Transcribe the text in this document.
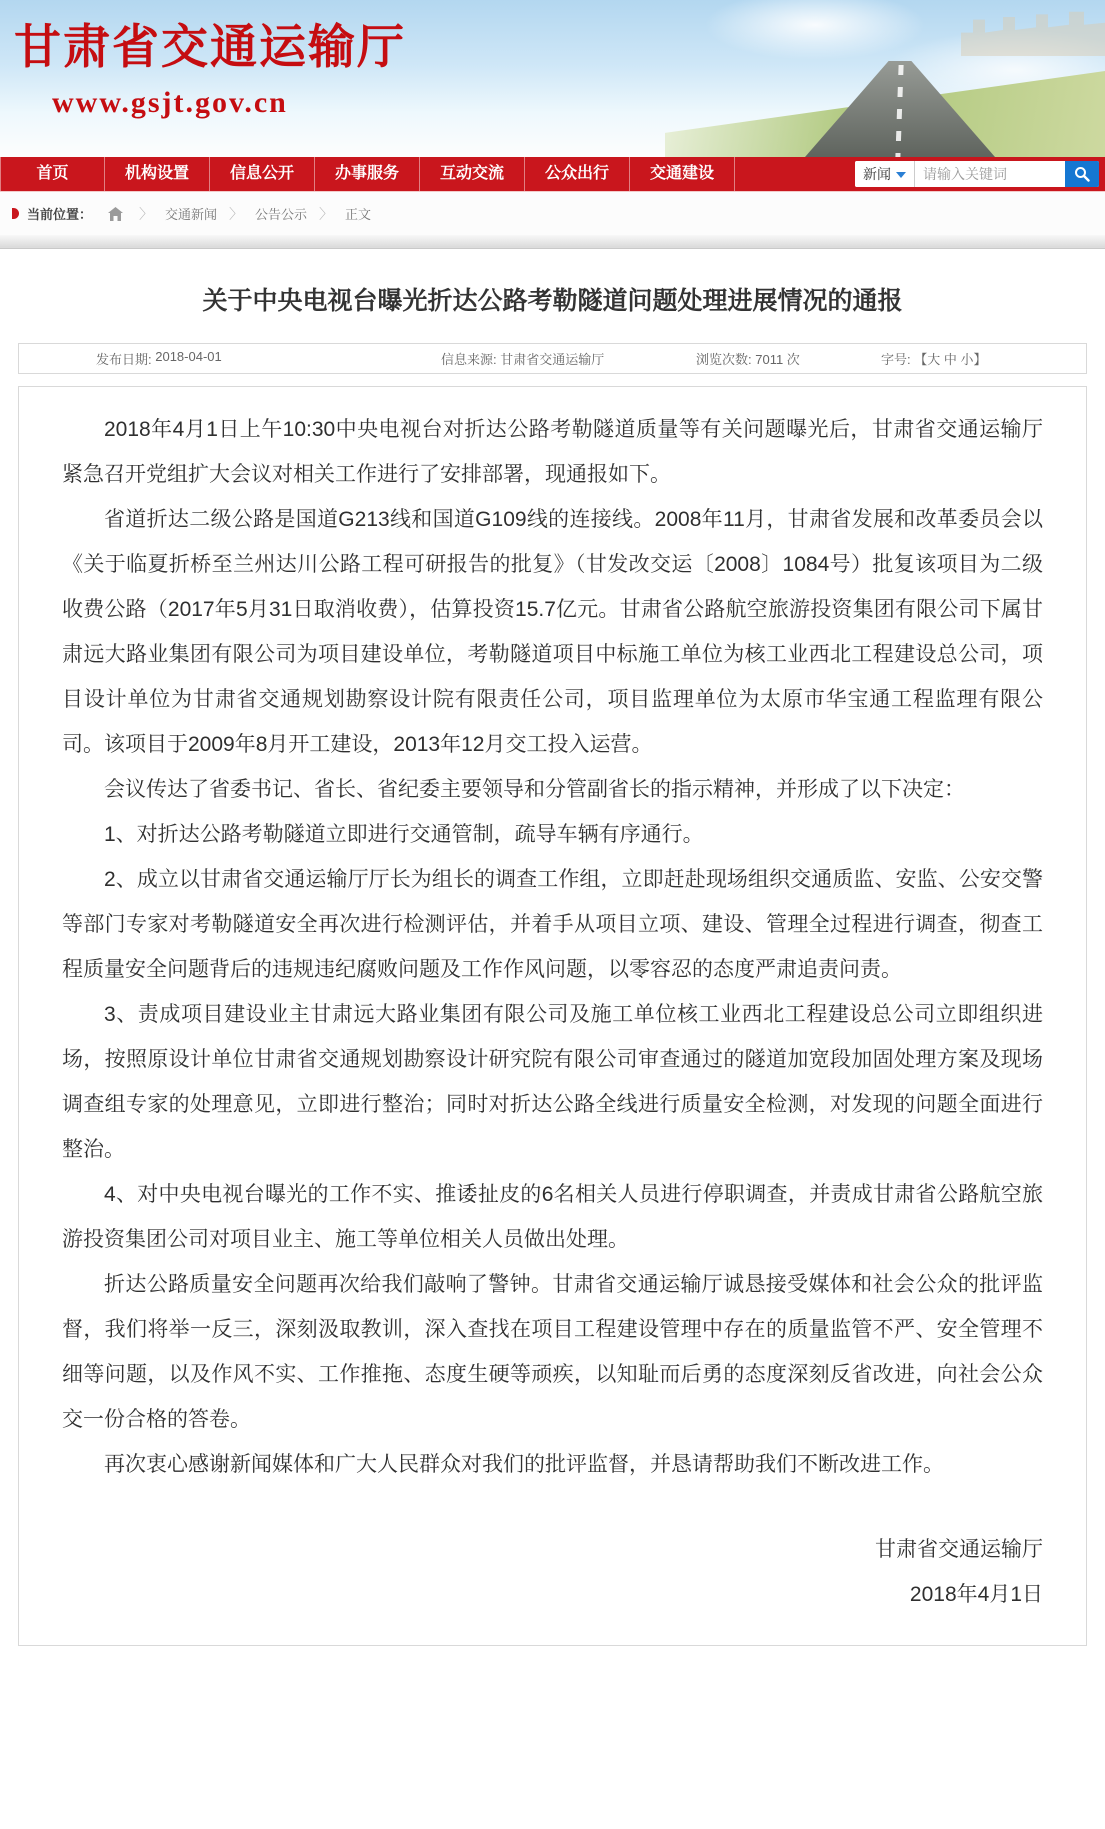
甘肃省交通运输厅
www.gsjt.gov.cn
首页	机构设置	信息公开	办事服务	互动交流	公众出行	交通建设	新闻
请输入关键词
当前位置：	〉 交通新闻 〉 公告公示 〉 正文
关于中央电视台曝光折达公路考勒隧道问题处理进展情况的通报
发布日期: 2018-04-01	信息来源: 甘肃省交通运输厅	浏览次数: 7011 次	字号: 【大 中 小】

2018年4月1日上午10:30中央电视台对折达公路考勒隧道质量等有关问题曝光后，甘肃省交通运输厅紧急召开党组扩大会议对相关工作进行了安排部署，现通报如下。

省道折达二级公路是国道G213线和国道G109线的连接线。2008年11月，甘肃省发展和改革委员会以《关于临夏折桥至兰州达川公路工程可研报告的批复》（甘发改交运〔2008〕1084号）批复该项目为二级收费公路（2017年5月31日取消收费），估算投资15.7亿元。甘肃省公路航空旅游投资集团有限公司下属甘肃远大路业集团有限公司为项目建设单位，考勒隧道项目中标施工单位为核工业西北工程建设总公司，项目设计单位为甘肃省交通规划勘察设计院有限责任公司，项目监理单位为太原市华宝通工程监理有限公司。该项目于2009年8月开工建设，2013年12月交工投入运营。

会议传达了省委书记、省长、省纪委主要领导和分管副省长的指示精神，并形成了以下决定：

1、对折达公路考勒隧道立即进行交通管制，疏导车辆有序通行。

2、成立以甘肃省交通运输厅厅长为组长的调查工作组，立即赶赴现场组织交通质监、安监、公安交警等部门专家对考勒隧道安全再次进行检测评估，并着手从项目立项、建设、管理全过程进行调查，彻查工程质量安全问题背后的违规违纪腐败问题及工作作风问题，以零容忍的态度严肃追责问责。

3、责成项目建设业主甘肃远大路业集团有限公司及施工单位核工业西北工程建设总公司立即组织进场，按照原设计单位甘肃省交通规划勘察设计研究院有限公司审查通过的隧道加宽段加固处理方案及现场调查组专家的处理意见，立即进行整治；同时对折达公路全线进行质量安全检测，对发现的问题全面进行整治。

4、对中央电视台曝光的工作不实、推诿扯皮的6名相关人员进行停职调查，并责成甘肃省公路航空旅游投资集团公司对项目业主、施工等单位相关人员做出处理。

折达公路质量安全问题再次给我们敲响了警钟。甘肃省交通运输厅诚恳接受媒体和社会公众的批评监督，我们将举一反三，深刻汲取教训，深入查找在项目工程建设管理中存在的质量监管不严、安全管理不细等问题，以及作风不实、工作推拖、态度生硬等顽疾，以知耻而后勇的态度深刻反省改进，向社会公众交一份合格的答卷。

再次衷心感谢新闻媒体和广大人民群众对我们的批评监督，并恳请帮助我们不断改进工作。

甘肃省交通运输厅
2018年4月1日
